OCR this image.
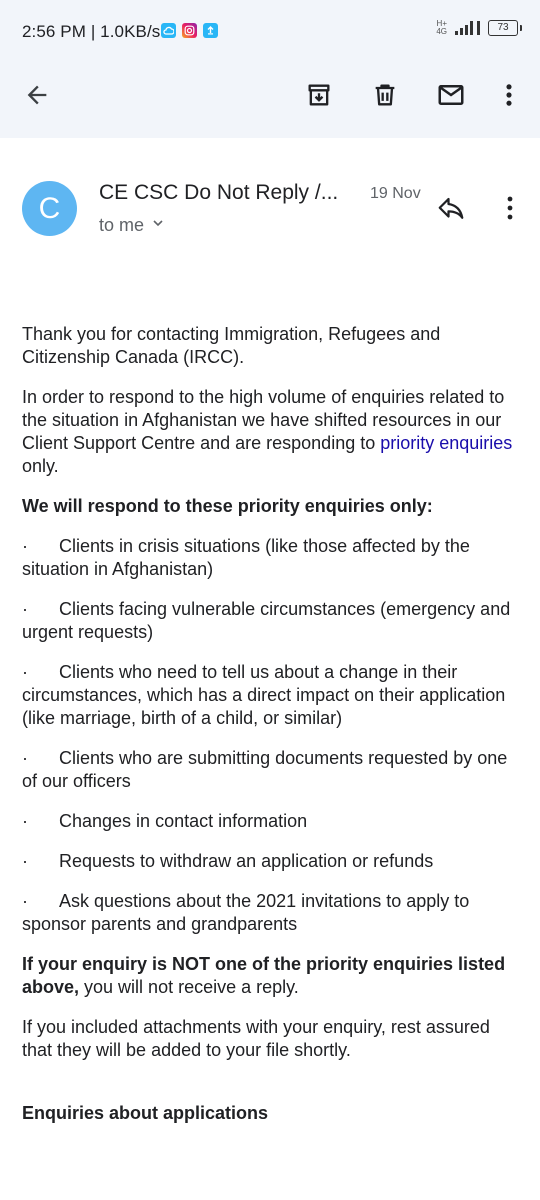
2:56 PM | 1.0KB/s	H+
4G	73
C CE CSC Do Not Reply /... 19 Nov
to me

Thank you for contacting Immigration, Refugees and Citizenship Canada (IRCC).

In order to respond to the high volume of enquiries related to the situation in Afghanistan we have shifted resources in our Client Support Centre and are responding to priority enquiries only.

We will respond to these priority enquiries only:

· Clients in crisis situations (like those affected by the situation in Afghanistan)

· Clients facing vulnerable circumstances (emergency and urgent requests)

· Clients who need to tell us about a change in their circumstances, which has a direct impact on their application (like marriage, birth of a child, or similar)

· Clients who are submitting documents requested by one of our officers

· Changes in contact information

· Requests to withdraw an application or refunds

· Ask questions about the 2021 invitations to apply to sponsor parents and grandparents

If your enquiry is NOT one of the priority enquiries listed above, you will not receive a reply.

If you included attachments with your enquiry, rest assured that they will be added to your file shortly.

Enquiries about applications
